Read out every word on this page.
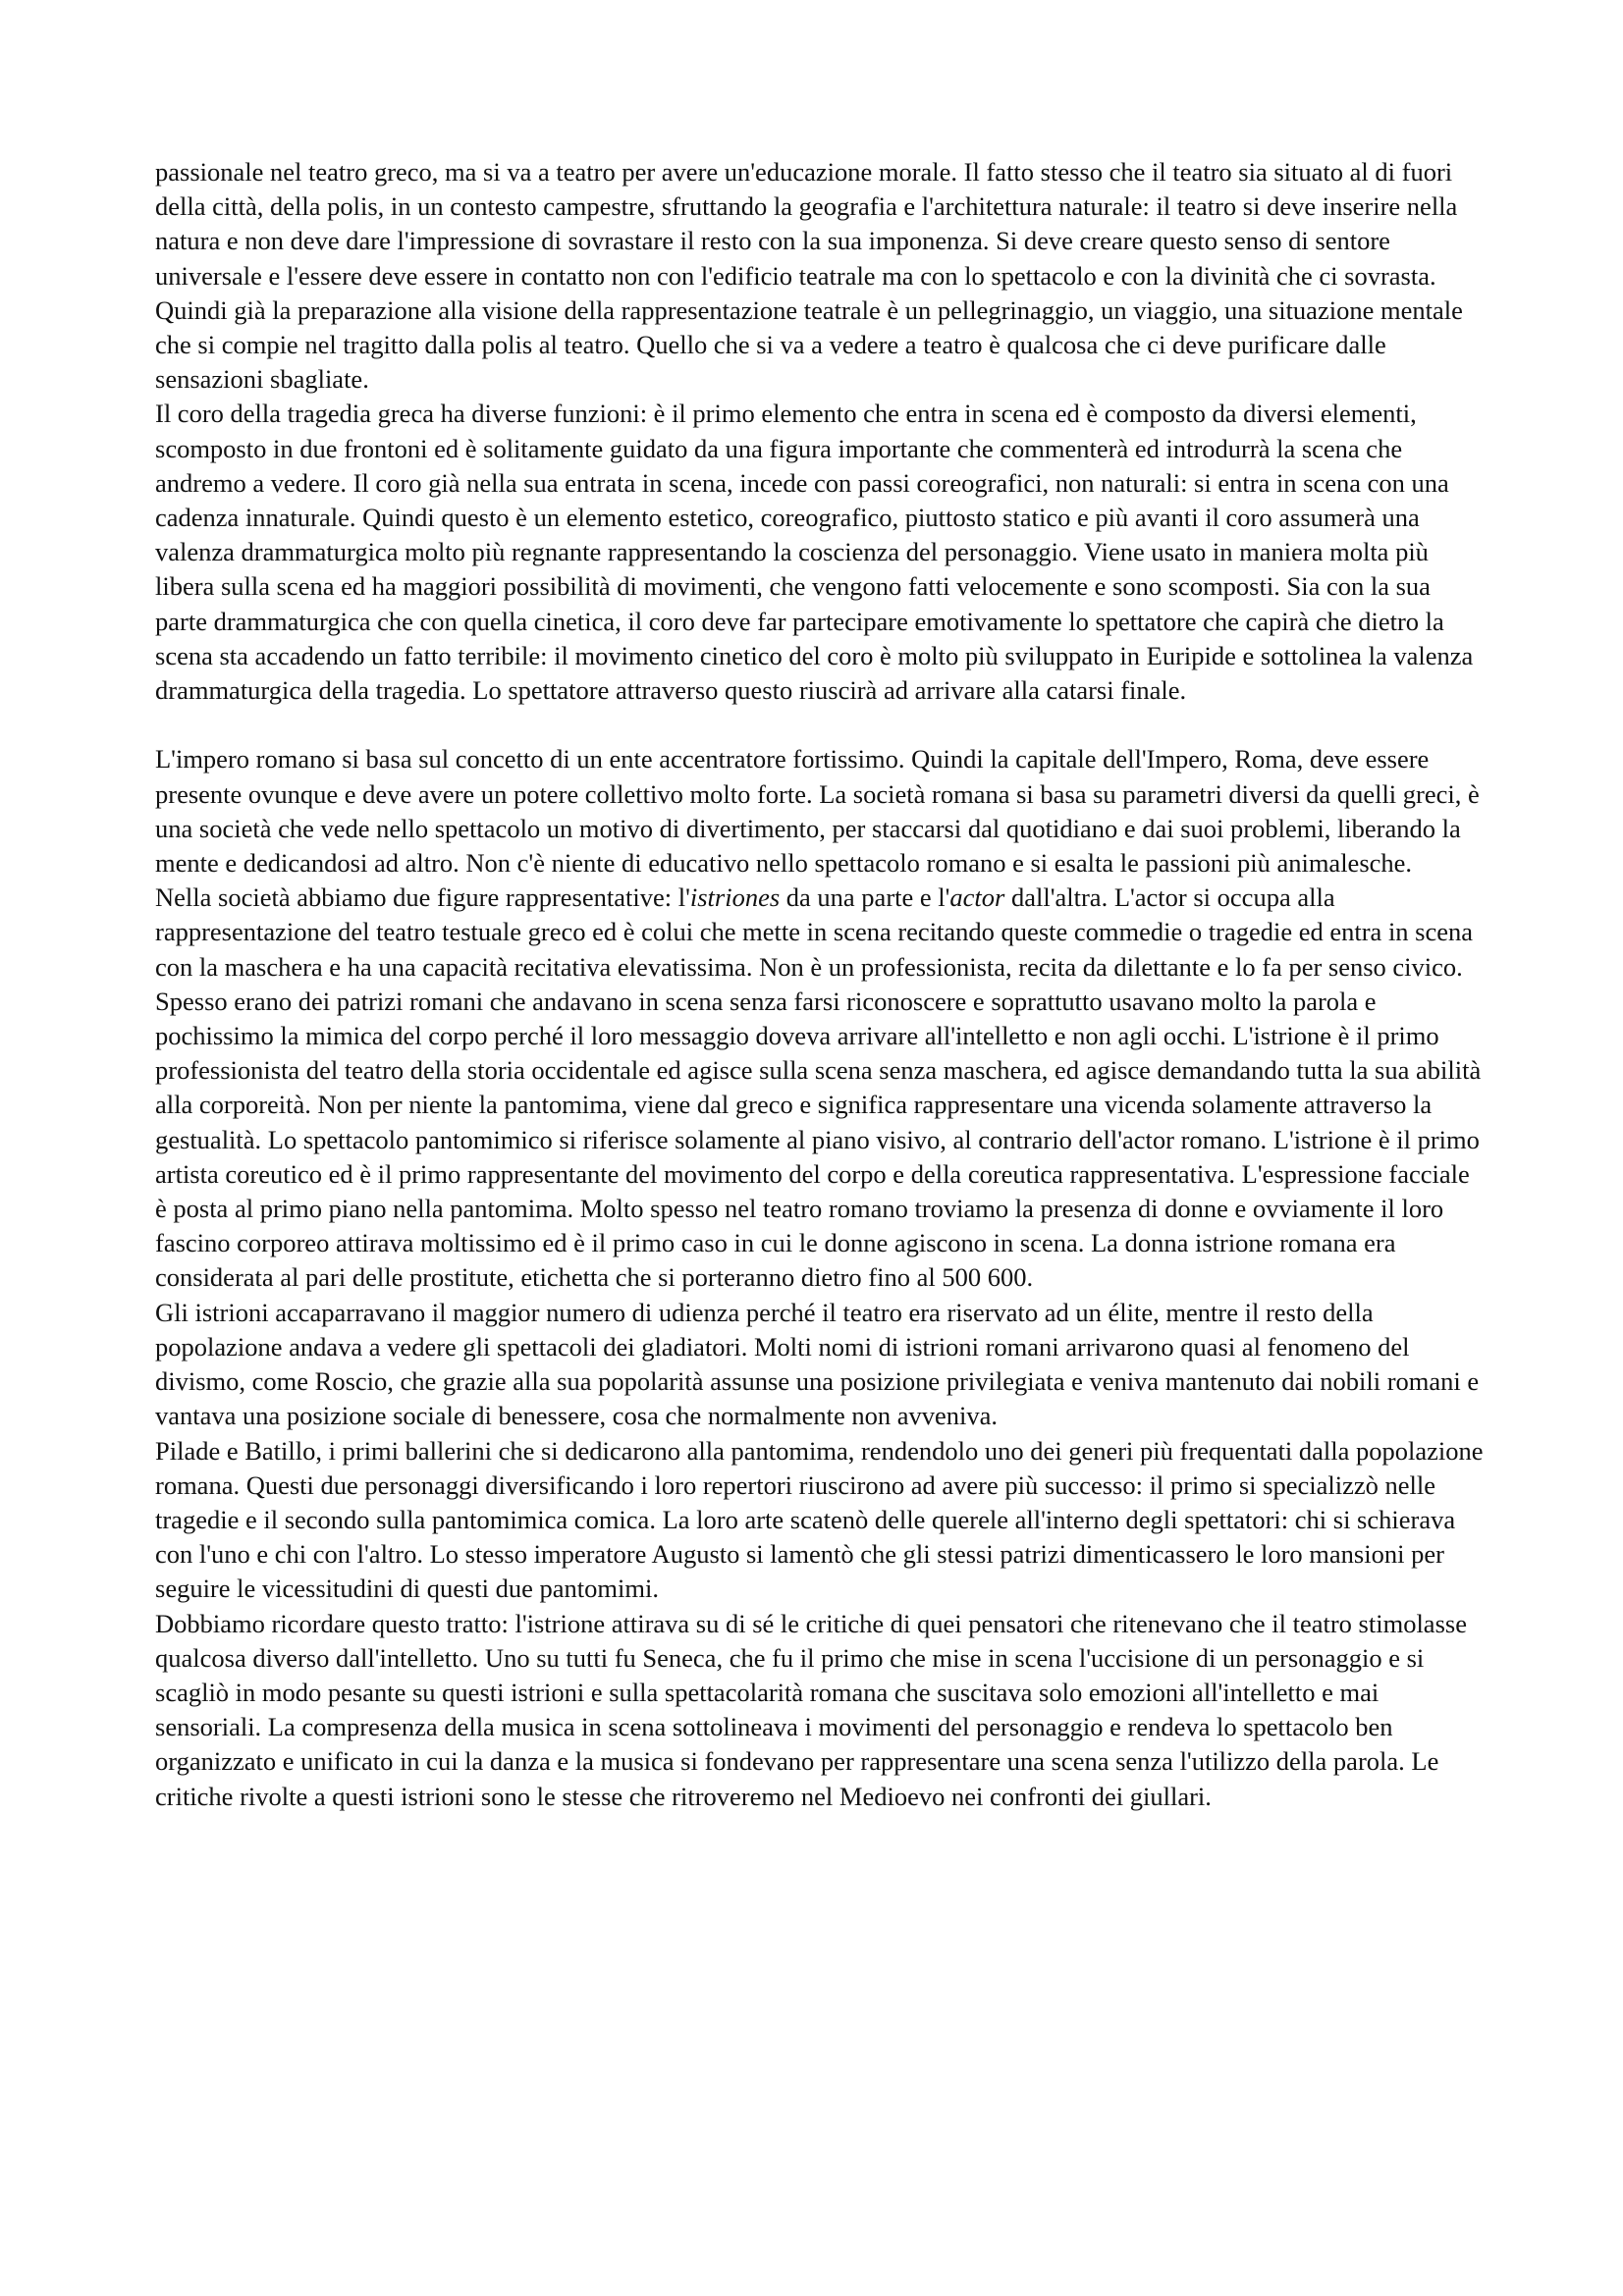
passionale nel teatro greco, ma si va a teatro per avere un'educazione morale. Il fatto stesso che il teatro sia situato al di fuori della città, della polis, in un contesto campestre, sfruttando la geografia e l'architettura naturale: il teatro si deve inserire nella natura e non deve dare l'impressione di sovrastare il resto con la sua imponenza. Si deve creare questo senso di sentore universale e l'essere deve essere in contatto non con l'edificio teatrale ma con lo spettacolo e con la divinità che ci sovrasta. Quindi già la preparazione alla visione della rappresentazione teatrale è un pellegrinaggio, un viaggio, una situazione mentale che si compie nel tragitto dalla polis al teatro. Quello che si va a vedere a teatro è qualcosa che ci deve purificare dalle sensazioni sbagliate.

Il coro della tragedia greca ha diverse funzioni: è il primo elemento che entra in scena ed è composto da diversi elementi, scomposto in due frontoni ed è solitamente guidato da una figura importante che commenterà ed introdurrà la scena che andremo a vedere. Il coro già nella sua entrata in scena, incede con passi coreografici, non naturali: si entra in scena con una cadenza innaturale. Quindi questo è un elemento estetico, coreografico, piuttosto statico e più avanti il coro assumerà una valenza drammaturgica molto più regnante rappresentando la coscienza del personaggio. Viene usato in maniera molta più libera sulla scena ed ha maggiori possibilità di movimenti, che vengono fatti velocemente e sono scomposti. Sia con la sua parte drammaturgica che con quella cinetica, il coro deve far partecipare emotivamente lo spettatore che capirà che dietro la scena sta accadendo un fatto terribile: il movimento cinetico del coro è molto più sviluppato in Euripide e sottolinea la valenza drammaturgica della tragedia. Lo spettatore attraverso questo riuscirà ad arrivare alla catarsi finale.

L'impero romano si basa sul concetto di un ente accentratore fortissimo. Quindi la capitale dell'Impero, Roma, deve essere presente ovunque e deve avere un potere collettivo molto forte. La società romana si basa su parametri diversi da quelli greci, è una società che vede nello spettacolo un motivo di divertimento, per staccarsi dal quotidiano e dai suoi problemi, liberando la mente e dedicandosi ad altro. Non c'è niente di educativo nello spettacolo romano e si esalta le passioni più animalesche.

Nella società abbiamo due figure rappresentative: l'istriones da una parte e l'actor dall'altra. L'actor si occupa alla rappresentazione del teatro testuale greco ed è colui che mette in scena recitando queste commedie o tragedie ed entra in scena con la maschera e ha una capacità recitativa elevatissima. Non è un professionista, recita da dilettante e lo fa per senso civico. Spesso erano dei patrizi romani che andavano in scena senza farsi riconoscere e soprattutto usavano molto la parola e pochissimo la mimica del corpo perché il loro messaggio doveva arrivare all'intelletto e non agli occhi. L'istrione è il primo professionista del teatro della storia occidentale ed agisce sulla scena senza maschera, ed agisce demandando tutta la sua abilità alla corporeità. Non per niente la pantomima, viene dal greco e significa rappresentare una vicenda solamente attraverso la gestualità. Lo spettacolo pantomimico si riferisce solamente al piano visivo, al contrario dell'actor romano. L'istrione è il primo artista coreutico ed è il primo rappresentante del movimento del corpo e della coreutica rappresentativa. L'espressione facciale è posta al primo piano nella pantomima. Molto spesso nel teatro romano troviamo la presenza di donne e ovviamente il loro fascino corporeo attirava moltissimo ed è il primo caso in cui le donne agiscono in scena. La donna istrione romana era considerata al pari delle prostitute, etichetta che si porteranno dietro fino al 500 600.

Gli istrioni accaparravano il maggior numero di udienza perché il teatro era riservato ad un élite, mentre il resto della popolazione andava a vedere gli spettacoli dei gladiatori. Molti nomi di istrioni romani arrivarono quasi al fenomeno del divismo, come Roscio, che grazie alla sua popolarità assunse una posizione privilegiata e veniva mantenuto dai nobili romani e vantava una posizione sociale di benessere, cosa che normalmente non avveniva.

Pilade e Batillo, i primi ballerini che si dedicarono alla pantomima, rendendolo uno dei generi più frequentati dalla popolazione romana. Questi due personaggi diversificando i loro repertori riuscirono ad avere più successo: il primo si specializzò nelle tragedie e il secondo sulla pantomimica comica. La loro arte scatenò delle querele all'interno degli spettatori: chi si schierava con l'uno e chi con l'altro. Lo stesso imperatore Augusto si lamentò che gli stessi patrizi dimenticassero le loro mansioni per seguire le vicessitudini di questi due pantomimi.

Dobbiamo ricordare questo tratto: l'istrione attirava su di sé le critiche di quei pensatori che ritenevano che il teatro stimolasse qualcosa diverso dall'intelletto. Uno su tutti fu Seneca, che fu il primo che mise in scena l'uccisione di un personaggio e si scagliò in modo pesante su questi istrioni e sulla spettacolarità romana che suscitava solo emozioni all'intelletto e mai sensoriali. La compresenza della musica in scena sottolineava i movimenti del personaggio e rendeva lo spettacolo ben organizzato e unificato in cui la danza e la musica si fondevano per rappresentare una scena senza l'utilizzo della parola. Le critiche rivolte a questi istrioni sono le stesse che ritroveremo nel Medioevo nei confronti dei giullari.
